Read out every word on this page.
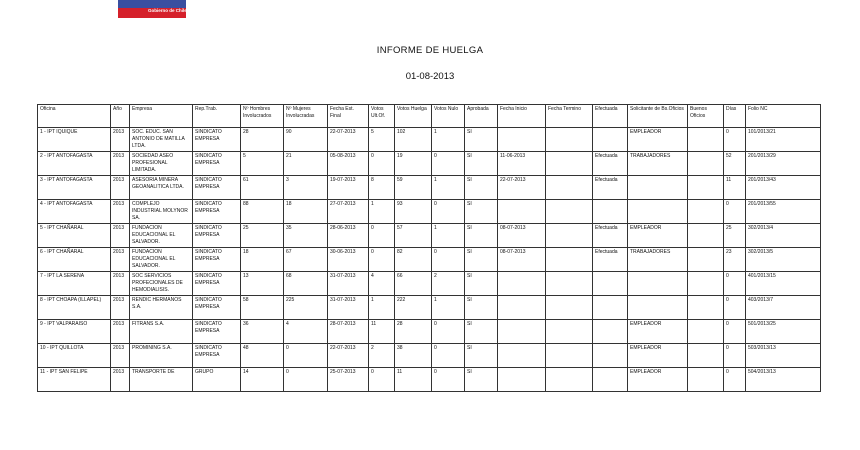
Gobierno de Chile
INFORME DE HUELGA
01-08-2013
Oficina	Año	Empresa	Rep.Trab.	Nº Hombres Involucrados	Nº Mujeres Involucradas	Fecha Est. Final	Votos Ult.Of.	Votos Huelga	Votos Nulo	Aprobada	Fecha Inicio	Fecha Termino	Efectuada	Solicitante de Bs.Oficios	Buenos Oficios	Días	Folio NC
1 - IPT IQUIQUE	2013	SOC. EDUC. SAN ANTONIO DE MATILLA LTDA.	SINDICATO EMPRESA	28	90	22-07-2013	5	102	1	SI				EMPLEADOR		0	101/2013/21
2 - IPT ANTOFAGASTA	2013	SOCIEDAD ASEO PROFESIONAL LIMITADA.	SINDICATO EMPRESA	5	21	05-08-2013	0	19	0	SI	11-06-2013		Efectuada	TRABAJADORES		52	201/2013/29
3 - IPT ANTOFAGASTA	2013	ASESORIA MINERA GEOANALITICA LTDA.	SINDICATO EMPRESA	61	3	19-07-2013	8	59	1	SI	22-07-2013		Efectuada			11	201/2013/43
4 - IPT ANTOFAGASTA	2013	COMPLEJO INDUSTRIAL MOLYNOR SA.	SINDICATO EMPRESA	88	18	27-07-2013	1	93	0	SI						0	201/2013/55
5 - IPT CHAÑARAL	2013	FUNDACION EDUCACIONAL EL SALVADOR.	SINDICATO EMPRESA	25	35	28-06-2013	0	57	1	SI	08-07-2013		Efectuada	EMPLEADOR		25	302/2013/4
6 - IPT CHAÑARAL	2013	FUNDACION EDUCACIONAL EL SALVADOR.	SINDICATO EMPRESA	18	67	30-06-2013	0	82	0	SI	08-07-2013		Efectuada	TRABAJADORES		23	302/2013/5
7 - IPT LA SERENA	2013	SOC SERVICIOS PROFECIONALES DE HEMODIALISIS.	SINDICATO EMPRESA	13	68	31-07-2013	4	66	2	SI						0	401/2013/15
8 - IPT CHOAPA (ILLAPEL)	2013	RENDIC HERMANOS S.A.	SINDICATO EMPRESA	58	225	31-07-2013	1	222	1	SI						0	403/2013/7
9 - IPT VALPARAISO	2013	FITRANS S.A.	SINDICATO EMPRESA	36	4	28-07-2013	11	28	0	SI				EMPLEADOR		0	501/2013/25
10 - IPT QUILLOTA	2013	PROMINING S.A.	SINDICATO EMPRESA	48	0	22-07-2013	2	38	0	SI				EMPLEADOR		0	503/2013/13
11 - IPT SAN FELIPE	2013	TRANSPORTE DE	GRUPO	14	0	25-07-2013	0	11	0	SI				EMPLEADOR		0	504/2013/13
